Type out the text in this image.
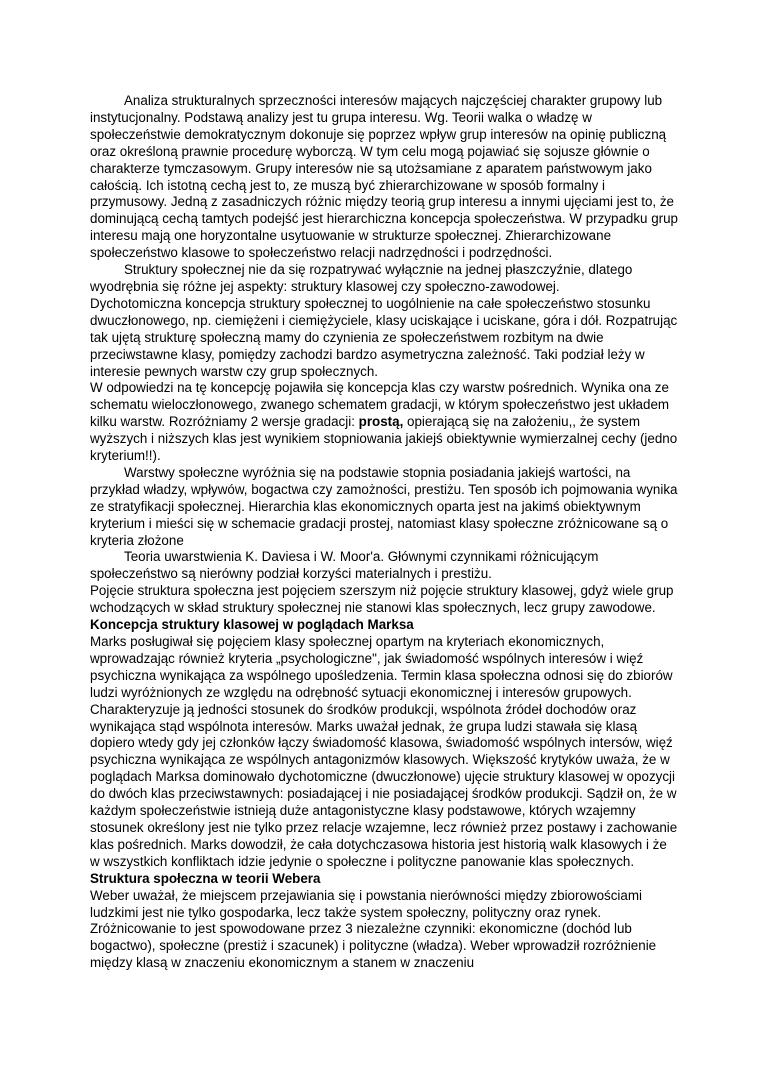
Analiza strukturalnych sprzeczności interesów mających najczęściej charakter grupowy lub instytucjonalny. Podstawą analizy jest tu grupa interesu. Wg. Teorii walka o władzę w społeczeństwie demokratycznym dokonuje się poprzez wpływ grup interesów na opinię publiczną oraz określoną prawnie procedurę wyborczą. W tym celu mogą pojawiać się sojusze głównie o charakterze tymczasowym. Grupy interesów nie są utożsamiane z aparatem państwowym jako całością. Ich istotną cechą jest to, ze muszą być zhierarchizowane w sposób formalny i przymusowy. Jedną z zasadniczych różnic między teorią grup interesu a innymi ujęciami jest to, że dominującą cechą tamtych podejść jest hierarchiczna koncepcja społeczeństwa. W przypadku grup interesu mają one horyzontalne usytuowanie w strukturze społecznej. Zhierarchizowane społeczeństwo klasowe to społeczeństwo relacji nadrzędności i podrzędności.

Struktury społecznej nie da się rozpatrywać wyłącznie na jednej płaszczyźnie, dlatego wyodrębnia się różne jej aspekty: struktury klasowej czy społeczno-zawodowej.

Dychotomiczna koncepcja struktury społecznej to uogólnienie na całe społeczeństwo stosunku dwuczłonowego, np. ciemiężeni i ciemiężyciele, klasy uciskające i uciskane, góra i dół. Rozpatrując tak ujętą strukturę społeczną mamy do czynienia ze społeczeństwem rozbitym na dwie przeciwstawne klasy, pomiędzy zachodzi bardzo asymetryczna zależność. Taki podział leży w interesie pewnych warstw czy grup społecznych.

W odpowiedzi na tę koncepcję pojawiła się koncepcja klas czy warstw pośrednich. Wynika ona ze schematu wieloczłonowego, zwanego schematem gradacji, w którym społeczeństwo jest układem kilku warstw. Rozróżniamy 2 wersje gradacji: prostą, opierającą się na założeniu,, że system wyższych i niższych klas jest wynikiem stopniowania jakiejś obiektywnie wymierzalnej cechy (jedno kryterium!!).

Warstwy społeczne wyróżnia się na podstawie stopnia posiadania jakiejś wartości, na przykład władzy, wpływów, bogactwa czy zamożności, prestiżu. Ten sposób ich pojmowania wynika ze stratyfikacji społecznej. Hierarchia klas ekonomicznych oparta jest na jakimś obiektywnym kryterium i mieści się w schemacie gradacji prostej, natomiast klasy społeczne zróżnicowane są o kryteria złożone

Teoria uwarstwienia K. Daviesa i W. Moor'a. Głównymi czynnikami różnicującym społeczeństwo są nierówny podział korzyści materialnych i prestiżu.

Pojęcie struktura społeczna jest pojęciem szerszym niż pojęcie struktury klasowej, gdyż wiele grup wchodzących w skład struktury społecznej nie stanowi klas społecznych, lecz grupy zawodowe.

Koncepcja struktury klasowej w poglądach Marksa

Marks posługiwał się pojęciem klasy społecznej opartym na kryteriach ekonomicznych, wprowadzając również kryteria „psychologiczne", jak świadomość wspólnych interesów i więź psychiczna wynikająca za wspólnego upośledzenia. Termin klasa społeczna odnosi się do zbiorów ludzi wyróżnionych ze względu na odrębność sytuacji ekonomicznej i interesów grupowych. Charakteryzuje ją jedności stosunek do środków produkcji, wspólnota źródeł dochodów oraz wynikająca stąd wspólnota interesów. Marks uważał jednak, że grupa ludzi stawała się klasą dopiero wtedy gdy jej członków łączy świadomość klasowa, świadomość wspólnych intersów, więź psychiczna wynikająca ze wspólnych antagonizmów klasowych. Większość krytyków uważa, że w poglądach Marksa dominowało dychotomiczne (dwuczłonowe) ujęcie struktury klasowej w opozycji do dwóch klas przeciwstawnych: posiadającej i nie posiadającej środków produkcji. Sądził on, że w każdym społeczeństwie istnieją duże antagonistyczne klasy podstawowe, których wzajemny stosunek określony jest nie tylko przez relacje wzajemne, lecz również przez postawy i zachowanie klas pośrednich. Marks dowodził, że cała dotychczasowa historia jest historią walk klasowych i że w wszystkich konfliktach idzie jedynie o społeczne i polityczne panowanie klas społecznych.

Struktura społeczna w teorii Webera

Weber uważał, że miejscem przejawiania się i powstania nierówności między zbiorowościami ludzkimi jest nie tylko gospodarka, lecz także system społeczny, polityczny oraz rynek. Zróżnicowanie to jest spowodowane przez 3 niezależne czynniki: ekonomiczne (dochód lub bogactwo), społeczne (prestiż i szacunek) i polityczne (władza). Weber wprowadził rozróżnienie między klasą w znaczeniu ekonomicznym a stanem w znaczeniu
